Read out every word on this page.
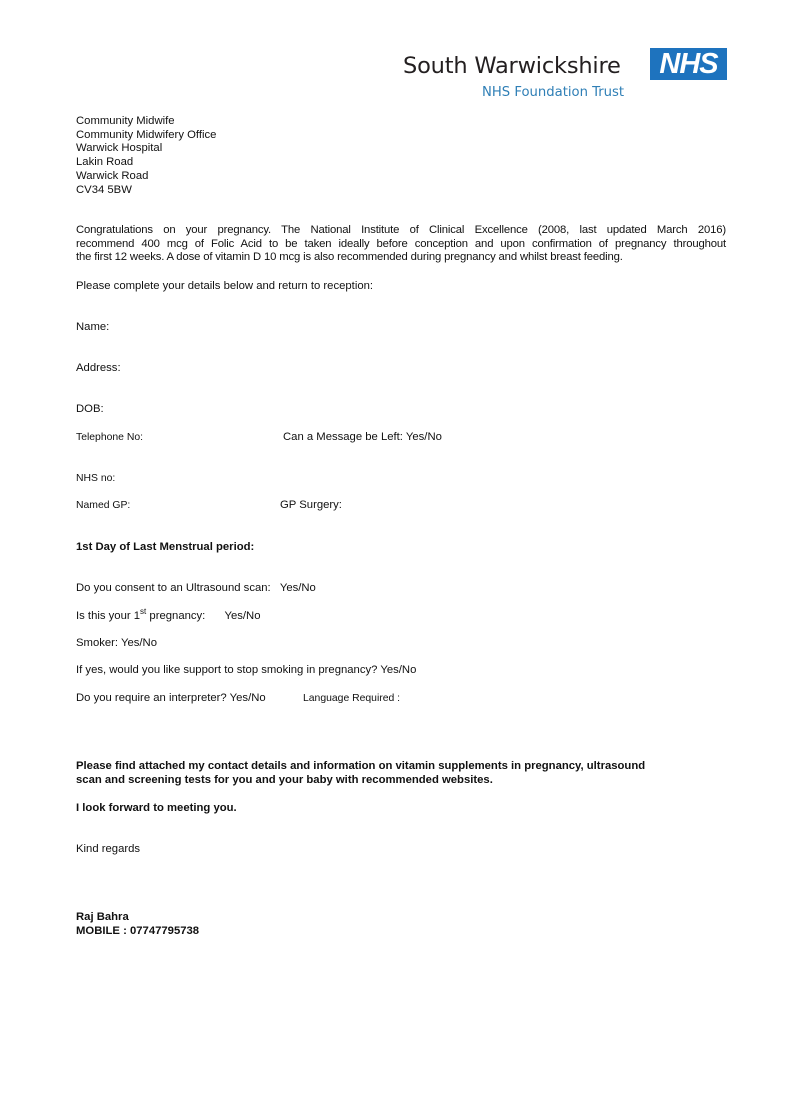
South Warwickshire
NHS Foundation Trust
NHS
Community Midwife
Community Midwifery Office
Warwick Hospital
Lakin Road
Warwick Road
CV34 5BW
Congratulations on your pregnancy. The National Institute of Clinical Excellence (2008, last updated March 2016)
recommend 400 mcg of Folic Acid to be taken ideally before conception and upon confirmation of pregnancy throughout
the first 12 weeks. A dose of vitamin D 10 mcg is also recommended during pregnancy and whilst breast feeding.
Please complete your details below and return to reception:
Name:
Address:
DOB:
Telephone No:	Can a Message be Left: Yes/No
NHS no:
Named GP:	GP Surgery:
1st Day of Last Menstrual period:
Do you consent to an Ultrasound scan: Yes/No
Is this your 1st pregnancy: Yes/No
Smoker: Yes/No
If yes, would you like support to stop smoking in pregnancy? Yes/No
Do you require an interpreter? Yes/No	Language Required :
Please find attached my contact details and information on vitamin supplements in pregnancy, ultrasound
scan and screening tests for you and your baby with recommended websites.
I look forward to meeting you.
Kind regards
Raj Bahra
MOBILE : 07747795738
